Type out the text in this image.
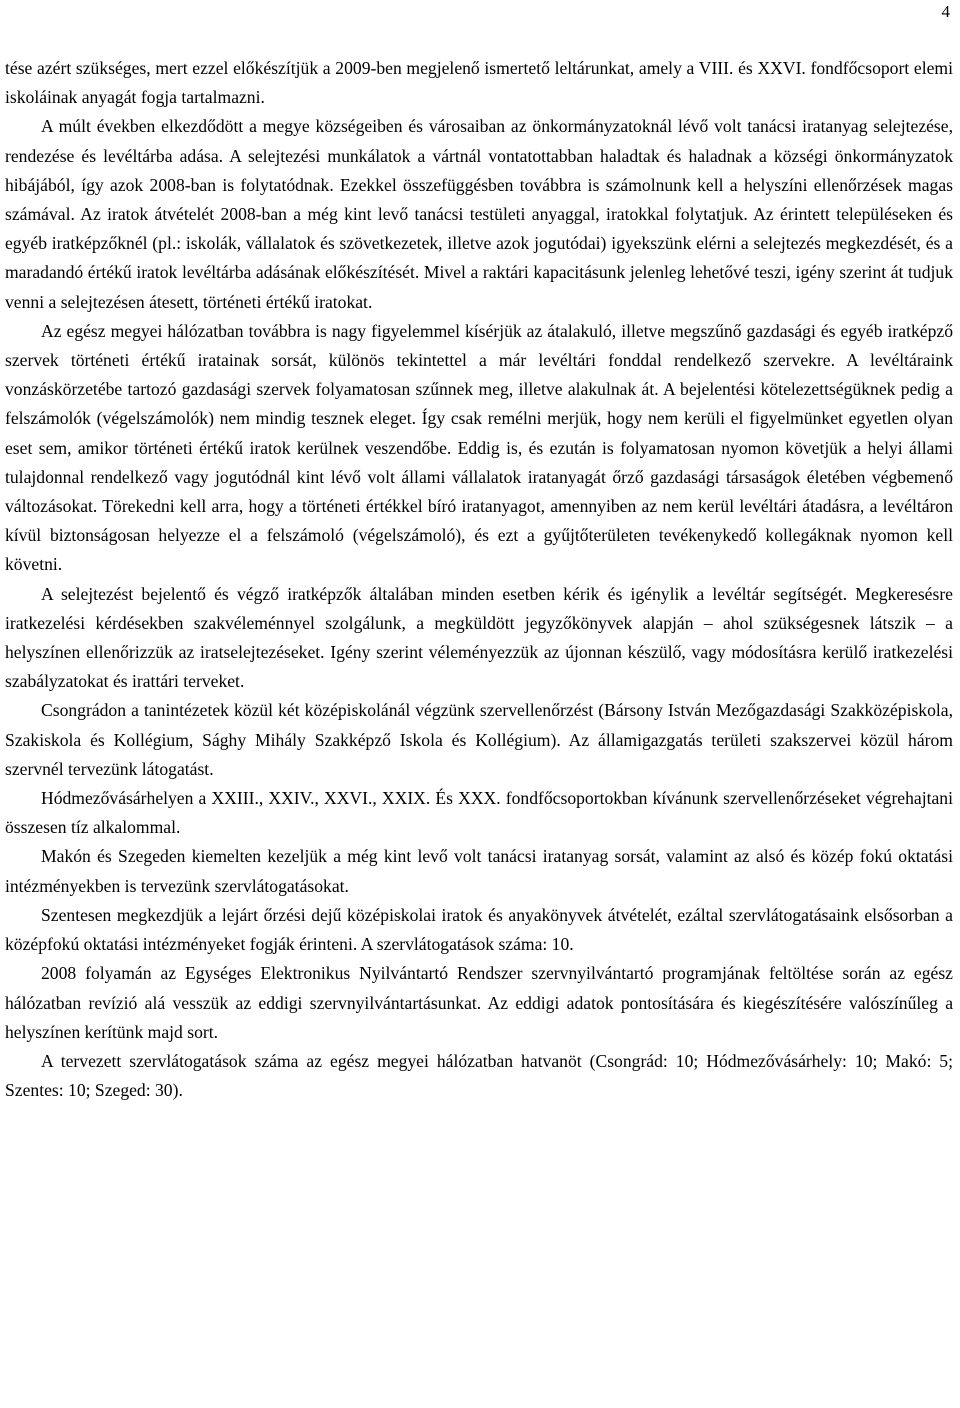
4

tése azért szükséges, mert ezzel előkészítjük a 2009-ben megjelenő ismertető leltárunkat, amely a VIII. és XXVI. fondfőcsoport elemi iskoláinak anyagát fogja tartalmazni.

A múlt években elkezdődött a megye községeiben és városaiban az önkormányzatoknál lévő volt tanácsi iratanyag selejtezése, rendezése és levéltárba adása. A selejtezési munkálatok a vártnál vontatottabban haladtak és haladnak a községi önkormányzatok hibájából, így azok 2008-ban is folytatódnak. Ezekkel összefüggésben továbbra is számolnunk kell a helyszíni ellenőrzések magas számával. Az iratok átvételét 2008-ban a még kint levő tanácsi testületi anyaggal, iratokkal folytatjuk. Az érintett településeken és egyéb iratképzőknél (pl.: iskolák, vállalatok és szövetkezetek, illetve azok jogutódai) igyekszünk elérni a selejtezés megkezdését, és a maradandó értékű iratok levéltárba adásának előkészítését. Mivel a raktári kapacitásunk jelenleg lehetővé teszi, igény szerint át tudjuk venni a selejtezésen átesett, történeti értékű iratokat.

Az egész megyei hálózatban továbbra is nagy figyelemmel kísérjük az átalakuló, illetve megszűnő gazdasági és egyéb iratképző szervek történeti értékű iratainak sorsát, különös tekintettel a már levéltári fonddal rendelkező szervekre. A levéltáraink vonzáskörzetébe tartozó gazdasági szervek folyamatosan szűnnek meg, illetve alakulnak át. A bejelentési kötelezettségüknek pedig a felszámolók (végelszámolók) nem mindig tesznek eleget. Így csak remélni merjük, hogy nem kerüli el figyelmünket egyetlen olyan eset sem, amikor történeti értékű iratok kerülnek veszendőbe. Eddig is, és ezután is folyamatosan nyomon követjük a helyi állami tulajdonnal rendelkező vagy jogutódnál kint lévő volt állami vállalatok iratanyagát őrző gazdasági társaságok életében végbemenő változásokat. Törekedni kell arra, hogy a történeti értékkel bíró iratanyagot, amennyiben az nem kerül levéltári átadásra, a levéltáron kívül biztonságosan helyezze el a felszámoló (végelszámoló), és ezt a gyűjtőterületen tevékenykedő kollegáknak nyomon kell követni.

A selejtezést bejelentő és végző iratképzők általában minden esetben kérik és igénylik a levéltár segítségét. Megkeresésre iratkezelési kérdésekben szakvéleménnyel szolgálunk, a megküldött jegyzőkönyvek alapján – ahol szükségesnek látszik – a helyszínen ellenőrizzük az iratselejtezéseket. Igény szerint véleményezzük az újonnan készülő, vagy módosításra kerülő iratkezelési szabályzatokat és irattári terveket.

Csongrádon a tanintézetek közül két középiskolánál végzünk szervellenőrzést (Bársony István Mezőgazdasági Szakközépiskola, Szakiskola és Kollégium, Sághy Mihály Szakképző Iskola és Kollégium). Az államigazgatás területi szakszervei közül három szervnél tervezünk látogatást.

Hódmezővásárhelyen a XXIII., XXIV., XXVI., XXIX. És XXX. fondfőcsoportokban kívánunk szervellenőrzéseket végrehajtani összesen tíz alkalommal.

Makón és Szegeden kiemelten kezeljük a még kint levő volt tanácsi iratanyag sorsát, valamint az alsó és közép fokú oktatási intézményekben is tervezünk szervlátogatásokat.

Szentesen megkezdjük a lejárt őrzési dejű középiskolai iratok és anyakönyvek átvételét, ezáltal szervlátogatásaink elsősorban a középfokú oktatási intézményeket fogják érinteni. A szervlátogatások száma: 10.

2008 folyamán az Egységes Elektronikus Nyilvántartó Rendszer szervnyilvántartó programjának feltöltése során az egész hálózatban revízió alá vesszük az eddigi szervnyilvántartásunkat. Az eddigi adatok pontosítására és kiegészítésére valószínűleg a helyszínen kerítünk majd sort.

A tervezett szervlátogatások száma az egész megyei hálózatban hatvanöt (Csongrád: 10; Hódmezővásárhely: 10; Makó: 5; Szentes: 10; Szeged: 30).
